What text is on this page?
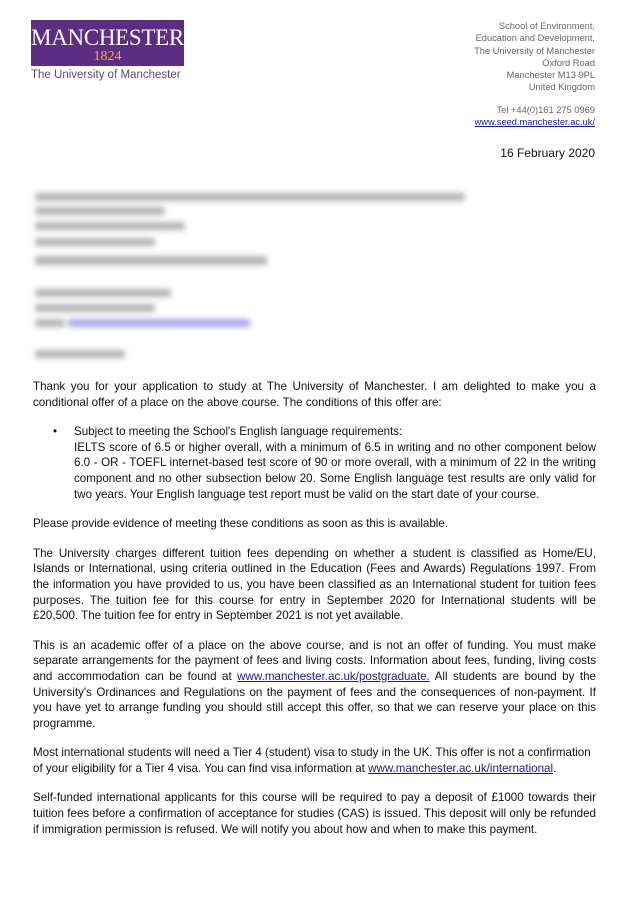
MANCHESTER
1824
The University of Manchester
School of Environment,
Education and Development,
The University of Manchester
Oxford Road
Manchester M13 9PL
United Kingdom
Tel +44(0)161 275 0969
www.seed.manchester.ac.uk/
16 February 2020

Thank you for your application to study at The University of Manchester. I am delighted to make you a conditional offer of a place on the above course. The conditions of this offer are:

• Subject to meeting the School's English language requirements:
IELTS score of 6.5 or higher overall, with a minimum of 6.5 in writing and no other component below 6.0 - OR - TOEFL internet-based test score of 90 or more overall, with a minimum of 22 in the writing component and no other subsection below 20. Some English language test results are only valid for two years. Your English language test report must be valid on the start date of your course.

Please provide evidence of meeting these conditions as soon as this is available.

The University charges different tuition fees depending on whether a student is classified as Home/EU, Islands or International, using criteria outlined in the Education (Fees and Awards) Regulations 1997. From the information you have provided to us, you have been classified as an International student for tuition fees purposes. The tuition fee for this course for entry in September 2020 for International students will be £20,500. The tuition fee for entry in September 2021 is not yet available.

This is an academic offer of a place on the above course, and is not an offer of funding. You must make separate arrangements for the payment of fees and living costs. Information about fees, funding, living costs and accommodation can be found at www.manchester.ac.uk/postgraduate. All students are bound by the University's Ordinances and Regulations on the payment of fees and the consequences of non-payment. If you have yet to arrange funding you should still accept this offer, so that we can reserve your place on this programme.

Most international students will need a Tier 4 (student) visa to study in the UK. This offer is not a confirmation of your eligibility for a Tier 4 visa. You can find visa information at www.manchester.ac.uk/international.

Self-funded international applicants for this course will be required to pay a deposit of £1000 towards their tuition fees before a confirmation of acceptance for studies (CAS) is issued. This deposit will only be refunded if immigration permission is refused. We will notify you about how and when to make this payment.
